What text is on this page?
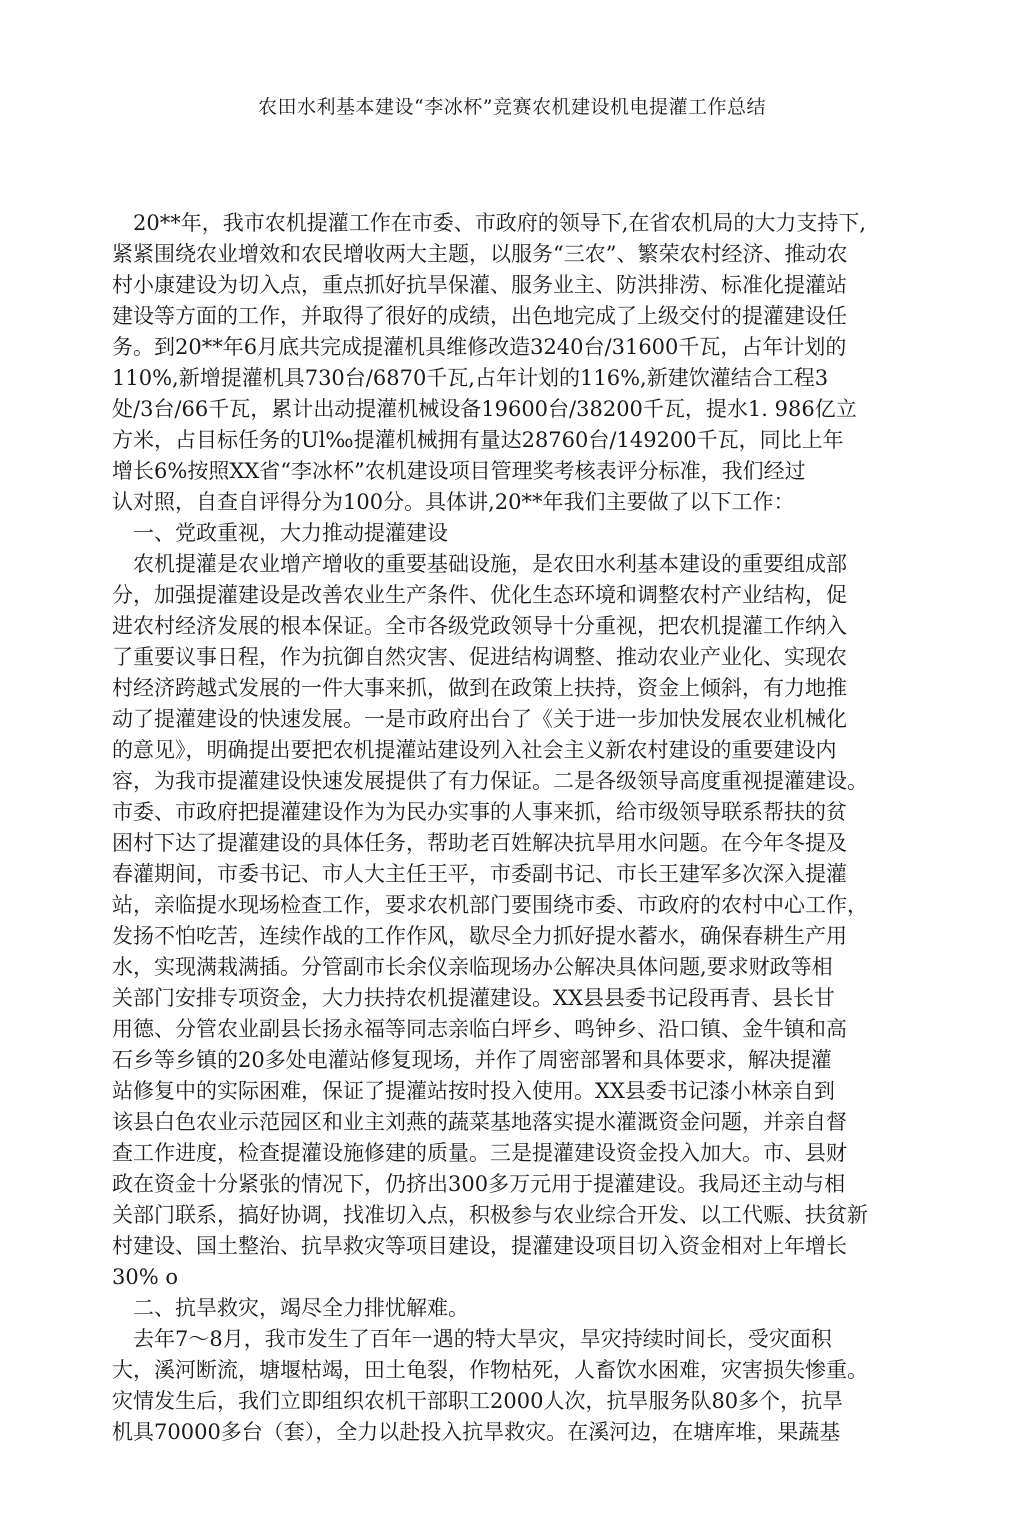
农田水利基本建设“李冰杯”竞赛农机建设机电提灌工作总结
20**年，我市农机提灌工作在市委、市政府的领导下,在省农机局的大力支持下,
紧紧围绕农业增效和农民增收两大主题，以服务“三农”、繁荣农村经济、推动农
村小康建设为切入点，重点抓好抗旱保灌、服务业主、防洪排涝、标准化提灌站
建设等方面的工作，并取得了很好的成绩，出色地完成了上级交付的提灌建设任
务。到20**年6月底共完成提灌机具维修改造3240台/31600千瓦，占年计划的
110%,新增提灌机具730台/6870千瓦,占年计划的116%,新建饮灌结合工程3
处/3台/66千瓦，累计出动提灌机械设备19600台/38200千瓦，提水1. 986亿立
方米，占目标任务的Ul‰提灌机械拥有量达28760台/149200千瓦，同比上年
增长6%按照XX省“李冰杯”农机建设项目管理奖考核表评分标准，我们经过
认对照，自查自评得分为100分。具体讲,20**年我们主要做了以下工作：
一、党政重视，大力推动提灌建设
农机提灌是农业增产增收的重要基础设施，是农田水利基本建设的重要组成部
分，加强提灌建设是改善农业生产条件、优化生态环境和调整农村产业结构，促
进农村经济发展的根本保证。全市各级党政领导十分重视，把农机提灌工作纳入
了重要议事日程，作为抗御自然灾害、促进结构调整、推动农业产业化、实现农
村经济跨越式发展的一件大事来抓，做到在政策上扶持，资金上倾斜，有力地推
动了提灌建设的快速发展。一是市政府出台了《关于进一步加快发展农业机械化
的意见》，明确提出要把农机提灌站建设列入社会主义新农村建设的重要建设内
容，为我市提灌建设快速发展提供了有力保证。二是各级领导高度重视提灌建设。
市委、市政府把提灌建设作为为民办实事的人事来抓，给市级领导联系帮扶的贫
困村下达了提灌建设的具体任务，帮助老百姓解决抗旱用水问题。在今年冬提及
春灌期间，市委书记、市人大主任王平，市委副书记、市长王建军多次深入提灌
站，亲临提水现场检查工作，要求农机部门要围绕市委、市政府的农村中心工作，
发扬不怕吃苦，连续作战的工作作风，歇尽全力抓好提水蓄水，确保春耕生产用
水，实现满栽满插。分管副市长余仪亲临现场办公解决具体问题,要求财政等相
关部门安排专项资金，大力扶持农机提灌建设。XX县县委书记段再青、县长甘
用德、分管农业副县长扬永福等同志亲临白坪乡、鸣钟乡、沿口镇、金牛镇和高
石乡等乡镇的20多处电灌站修复现场，并作了周密部署和具体要求，解决提灌
站修复中的实际困难，保证了提灌站按时投入使用。XX县委书记漆小林亲自到
该县白色农业示范园区和业主刘燕的蔬菜基地落实提水灌溉资金问题，并亲自督
查工作进度，检查提灌设施修建的质量。三是提灌建设资金投入加大。市、县财
政在资金十分紧张的情况下，仍挤出300多万元用于提灌建设。我局还主动与相
关部门联系，搞好协调，找准切入点，积极参与农业综合开发、以工代赈、扶贫新
村建设、国土整治、抗旱救灾等项目建设，提灌建设项目切入资金相对上年增长
30% o
二、抗旱救灾，竭尽全力排忧解难。
去年7～8月，我市发生了百年一遇的特大旱灾，旱灾持续时间长，受灾面积
大，溪河断流，塘堰枯竭，田土龟裂，作物枯死，人畜饮水困难，灾害损失惨重。
灾情发生后，我们立即组织农机干部职工2000人次，抗旱服务队80多个，抗旱
机具70000多台（套），全力以赴投入抗旱救灾。在溪河边，在塘库堆，果蔬基
